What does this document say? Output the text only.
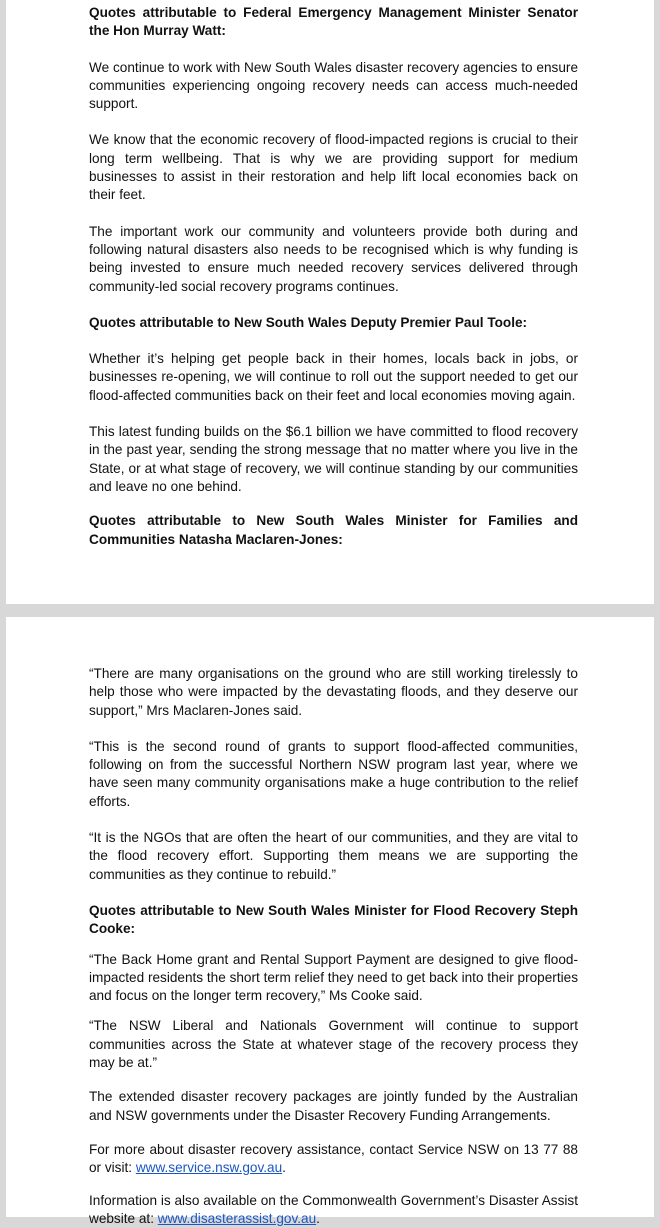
Quotes attributable to Federal Emergency Management Minister Senator the Hon Murray Watt:

We continue to work with New South Wales disaster recovery agencies to ensure communities experiencing ongoing recovery needs can access much-needed support.

We know that the economic recovery of flood-impacted regions is crucial to their long term wellbeing. That is why we are providing support for medium businesses to assist in their restoration and help lift local economies back on their feet.

The important work our community and volunteers provide both during and following natural disasters also needs to be recognised which is why funding is being invested to ensure much needed recovery services delivered through community-led social recovery programs continues.

Quotes attributable to New South Wales Deputy Premier Paul Toole:

Whether it’s helping get people back in their homes, locals back in jobs, or businesses re-opening, we will continue to roll out the support needed to get our flood-affected communities back on their feet and local economies moving again.

This latest funding builds on the $6.1 billion we have committed to flood recovery in the past year, sending the strong message that no matter where you live in the State, or at what stage of recovery, we will continue standing by our communities and leave no one behind.

Quotes attributable to New South Wales Minister for Families and Communities Natasha Maclaren-Jones:

“There are many organisations on the ground who are still working tirelessly to help those who were impacted by the devastating floods, and they deserve our support,” Mrs Maclaren-Jones said.

“This is the second round of grants to support flood-affected communities, following on from the successful Northern NSW program last year, where we have seen many community organisations make a huge contribution to the relief efforts.

“It is the NGOs that are often the heart of our communities, and they are vital to the flood recovery effort. Supporting them means we are supporting the communities as they continue to rebuild.”

Quotes attributable to New South Wales Minister for Flood Recovery Steph Cooke:

“The Back Home grant and Rental Support Payment are designed to give flood-impacted residents the short term relief they need to get back into their properties and focus on the longer term recovery,” Ms Cooke said.

“The NSW Liberal and Nationals Government will continue to support communities across the State at whatever stage of the recovery process they may be at.”

The extended disaster recovery packages are jointly funded by the Australian and NSW governments under the Disaster Recovery Funding Arrangements.

For more about disaster recovery assistance, contact Service NSW on 13 77 88 or visit: www.service.nsw.gov.au.

Information is also available on the Commonwealth Government’s Disaster Assist website at: www.disasterassist.gov.au.
